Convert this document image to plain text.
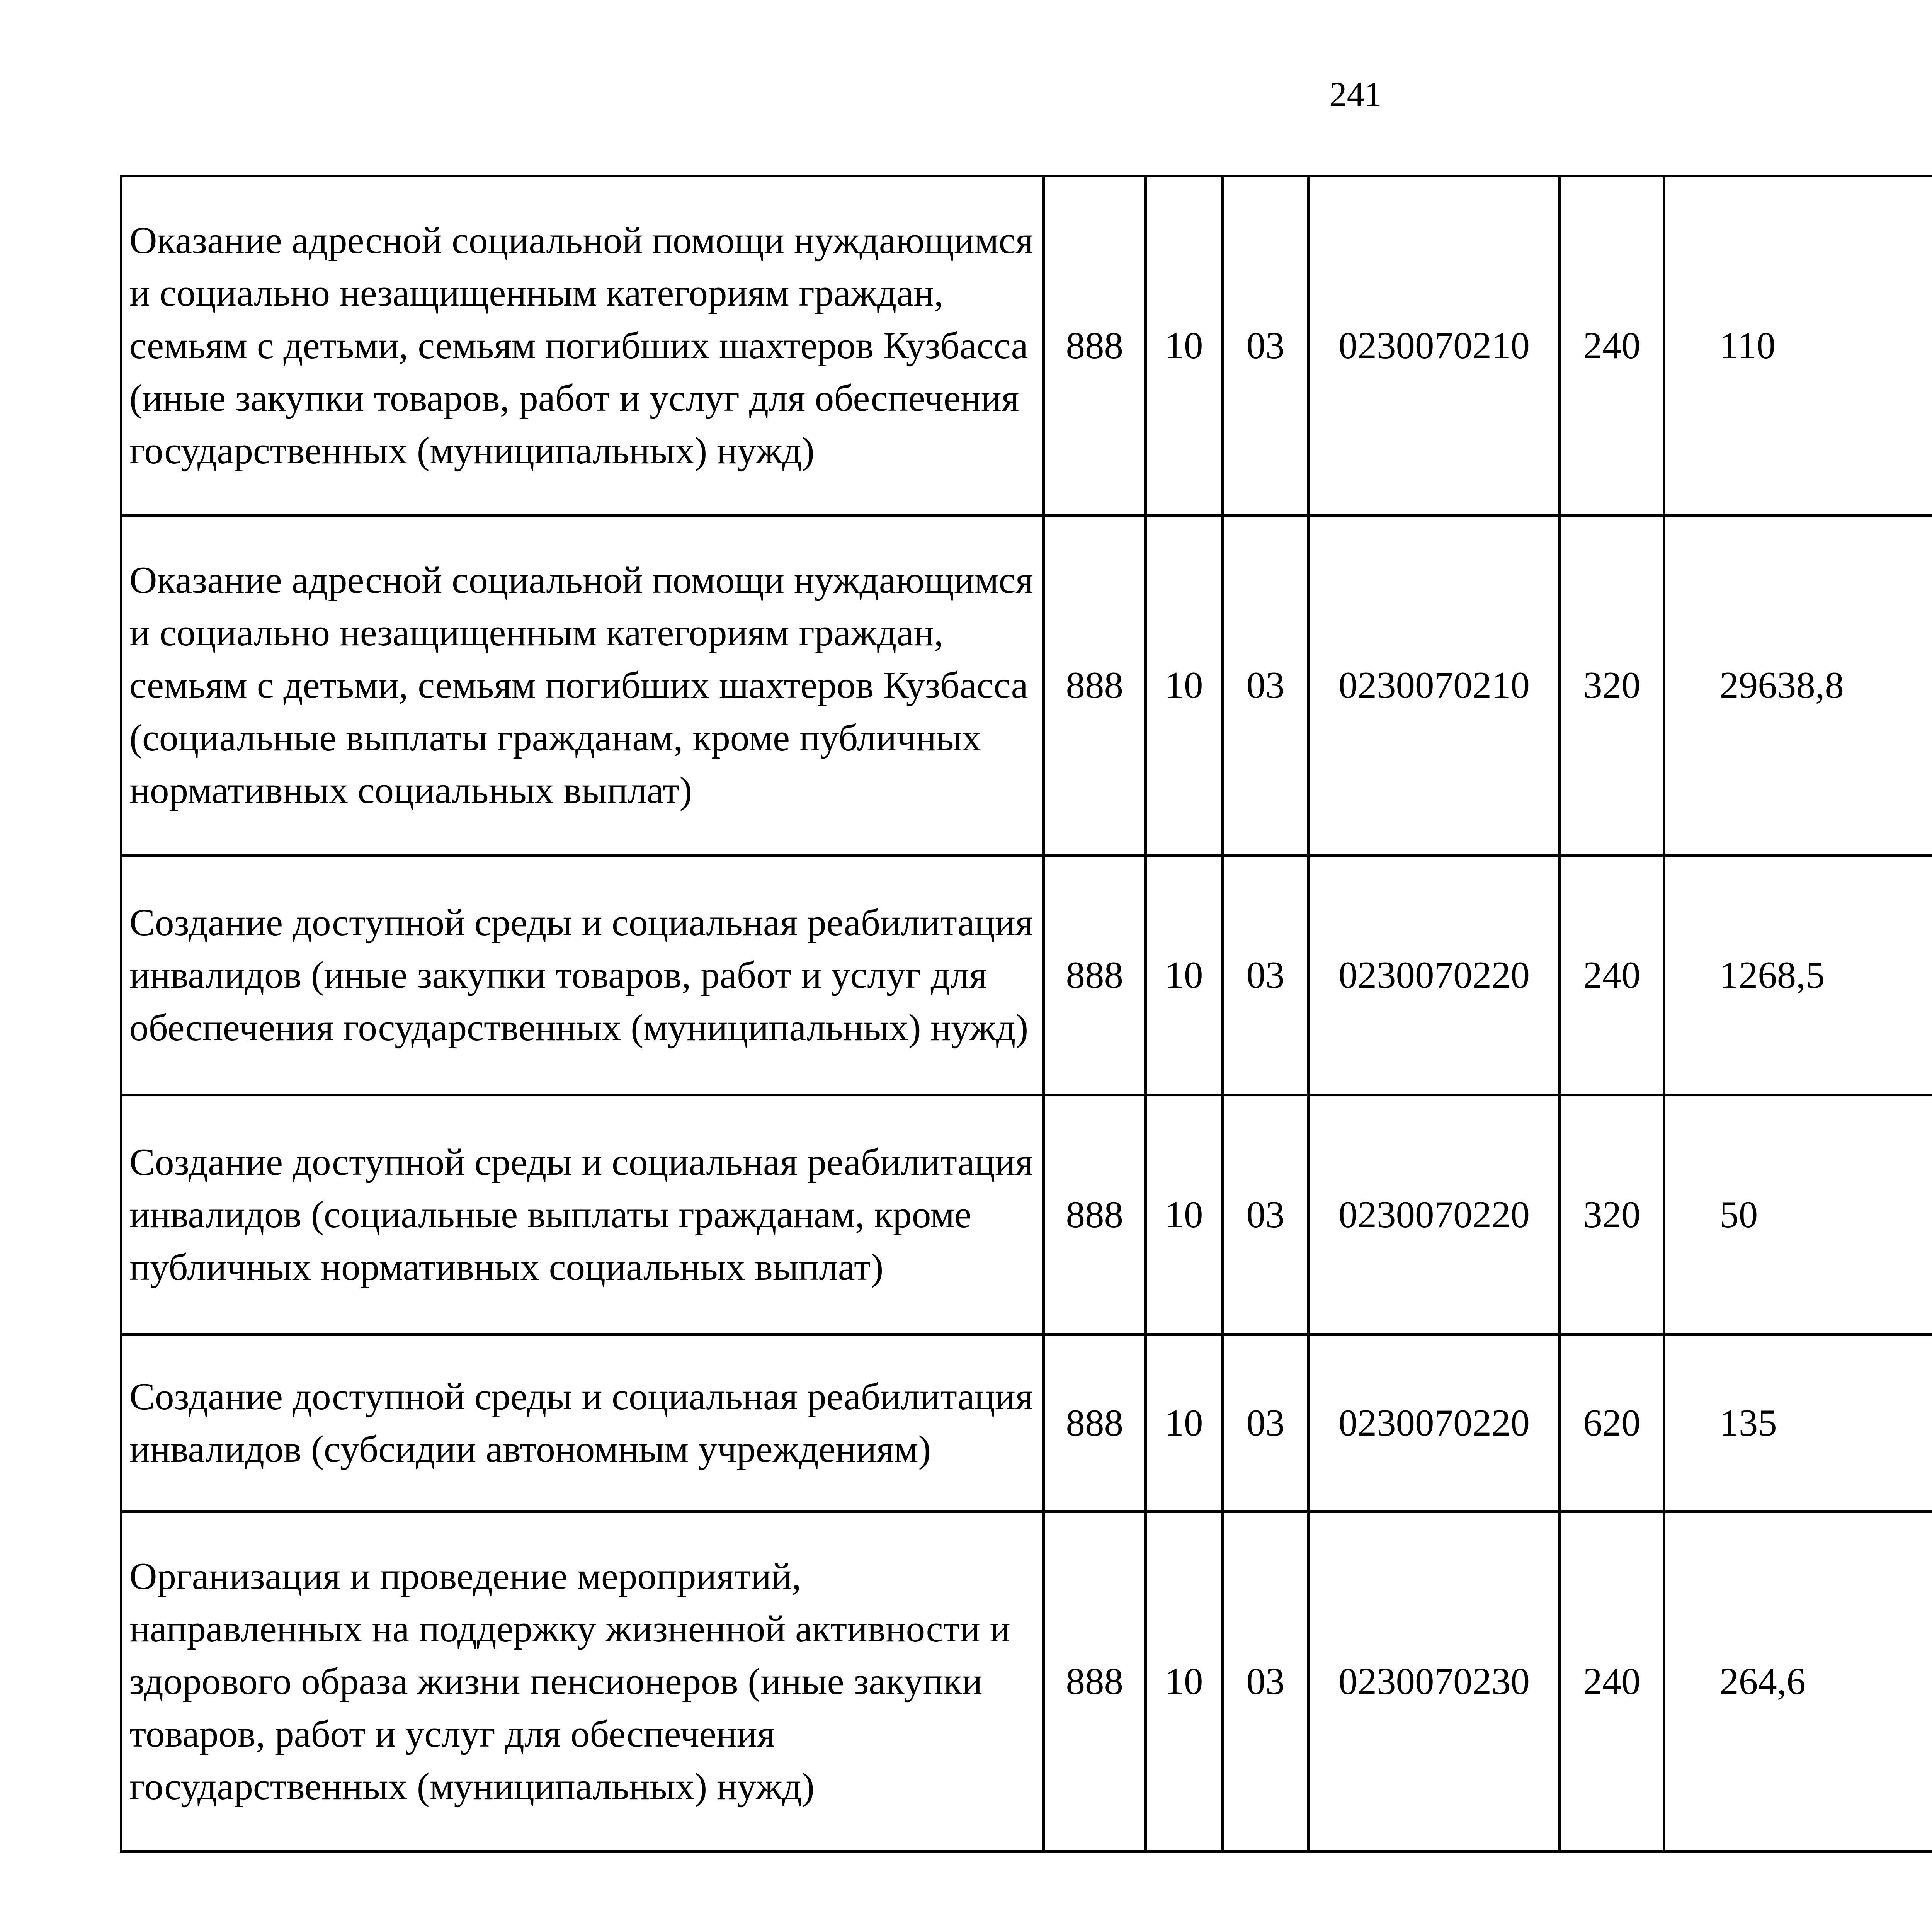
241
Оказание адресной социальной помощи нуждающимся и социально незащищенным категориям граждан, семьям с детьми, семьям погибших шахтеров Кузбасса (иные закупки товаров, работ и услуг для обеспечения государственных (муниципальных) нужд)	888	10	03	0230070210	240	110		
Оказание адресной социальной помощи нуждающимся и социально незащищенным категориям граждан, семьям с детьми, семьям погибших шахтеров Кузбасса (социальные выплаты гражданам, кроме публичных нормативных социальных выплат)	888	10	03	0230070210	320	29638,8		
Создание доступной среды и социальная реабилитация инвалидов (иные закупки товаров, работ и услуг для обеспечения государственных (муниципальных) нужд)	888	10	03	0230070220	240	1268,5		
Создание доступной среды и социальная реабилитация инвалидов (социальные выплаты гражданам, кроме публичных нормативных социальных выплат)	888	10	03	0230070220	320	50		
Создание доступной среды и социальная реабилитация инвалидов (субсидии автономным учреждениям)	888	10	03	0230070220	620	135		
Организация и проведение мероприятий, направленных на поддержку жизненной активности и здорового образа жизни пенсионеров (иные закупки товаров, работ и услуг для обеспечения государственных (муниципальных) нужд)	888	10	03	0230070230	240	264,6		
